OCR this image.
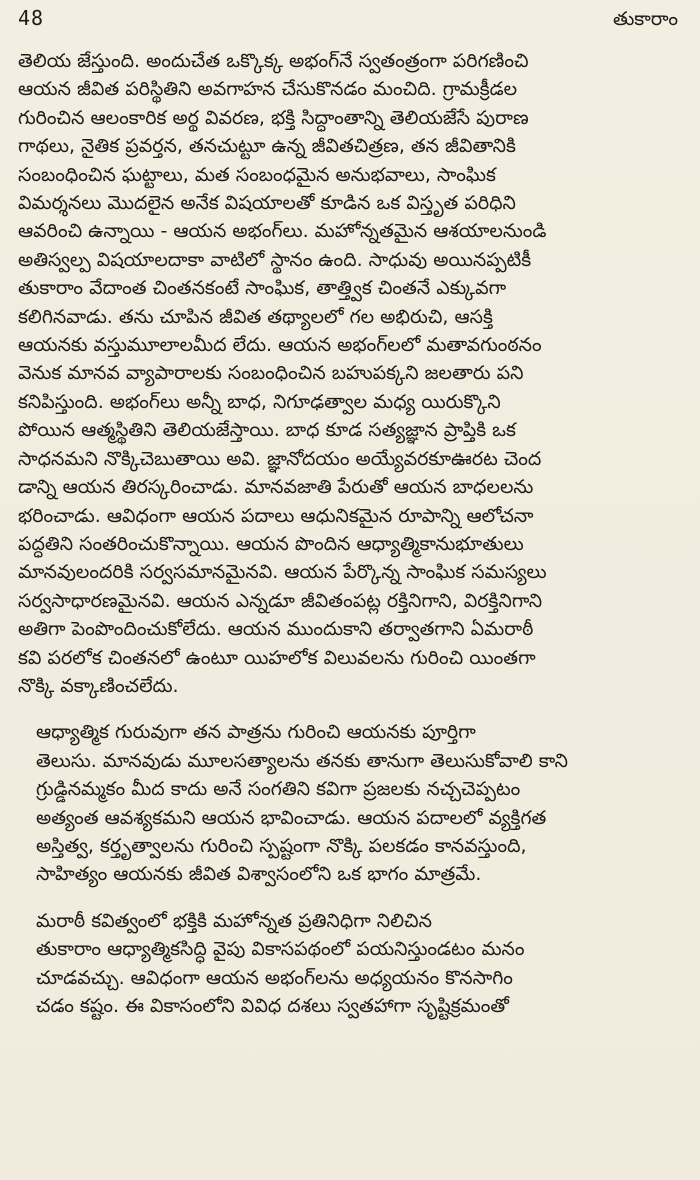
48	తుకారాం

తెలియ జేస్తుంది. అందుచేత ఒక్కొక్క అభంగ్‌నే స్వతంత్రంగా పరిగణించి
ఆయన జీవిత పరిస్థితిని అవగాహన చేసుకొనడం మంచిది. గ్రామక్రీడల
గురించిన ఆలంకారిక అర్థ వివరణ, భక్తి సిద్ధాంతాన్ని తెలియజేసే పురాణ
గాథలు, నైతిక ప్రవర్తన, తనచుట్టూ ఉన్న జీవితచిత్రణ, తన జీవితానికి
సంబంధించిన ఘట్టాలు, మత సంబంధమైన అనుభవాలు, సాంఘిక
విమర్శనలు మొదలైన అనేక విషయాలతో కూడిన ఒక విస్తృత పరిధిని
ఆవరించి ఉన్నాయి - ఆయన అభంగ్‌లు. మహోన్నతమైన ఆశయాలనుండి
అతిస్వల్ప విషయాలదాకా వాటిలో స్థానం ఉంది. సాధువు అయినప్పటికీ
తుకారాం వేదాంత చింతనకంటే సాంఘిక, తాత్త్విక చింతనే ఎక్కువగా
కలిగినవాడు. తను చూపిన జీవిత తథ్యాలలో గల అభిరుచి, ఆసక్తి
ఆయనకు వస్తుమూలాలమీద లేదు. ఆయన అభంగ్‌లలో మతావగుంఠనం
వెనుక మానవ వ్యాపారాలకు సంబంధించిన బహుపక్కని జలతారు పని
కనిపిస్తుంది. అభంగ్‌లు అన్నీ బాధ, నిగూఢత్వాల మధ్య యిరుక్కొని
పోయిన ఆత్మస్థితిని తెలియజేస్తాయి. బాధ కూడ సత్యజ్ఞాన ప్రాప్తికి ఒక
సాధనమని నొక్కిచెబుతాయి అవి. జ్ఞానోదయం అయ్యేవరకూఊరట చెంద
డాన్ని ఆయన తిరస్కరించాడు. మానవజాతి పేరుతో ఆయన బాధలలను
భరించాడు. ఆవిధంగా ఆయన పదాలు ఆధునికమైన రూపాన్ని ఆలోచనా
పద్ధతిని సంతరించుకొన్నాయి. ఆయన పొందిన ఆధ్యాత్మికానుభూతులు
మానవులందరికి సర్వసమానమైనవి. ఆయన పేర్కొన్న సాంఘిక సమస్యలు
సర్వసాధారణమైనవి. ఆయన ఎన్నడూ జీవితంపట్ల రక్తినిగాని, విరక్తినిగాని
అతిగా పెంపొందించుకోలేదు. ఆయన ముందుకాని తర్వాతగాని ఏమరాఠీ
కవి పరలోక చింతనలో ఉంటూ యిహలోక విలువలను గురించి యింతగా
నొక్కి వక్కాణించలేదు.

ఆధ్యాత్మిక గురువుగా తన పాత్రను గురించి ఆయనకు పూర్తిగా
తెలుసు. మానవుడు మూలసత్యాలను తనకు తానుగా తెలుసుకోవాలి కాని
గ్రుడ్డినమ్మకం మీద కాదు అనే సంగతిని కవిగా ప్రజలకు నచ్చచెప్పటం
అత్యంత ఆవశ్యకమని ఆయన భావించాడు. ఆయన పదాలలో వ్యక్తిగత
అస్తిత్వ, కర్తృత్వాలను గురించి స్పష్టంగా నొక్కి పలకడం కానవస్తుంది,
సాహిత్యం ఆయనకు జీవిత విశ్వాసంలోని ఒక భాగం మాత్రమే.

మరాఠీ కవిత్వంలో భక్తికి మహోన్నత ప్రతినిధిగా నిలిచిన
తుకారాం ఆధ్యాత్మికసిద్ధి వైపు వికాసపథంలో పయనిస్తుండటం మనం
చూడవచ్చు. ఆవిధంగా ఆయన అభంగ్‌లను అధ్యయనం కొనసాగిం
చడం కష్టం. ఈ వికాసంలోని వివిధ దశలు స్వతహాగా సృష్టిక్రమంతో
